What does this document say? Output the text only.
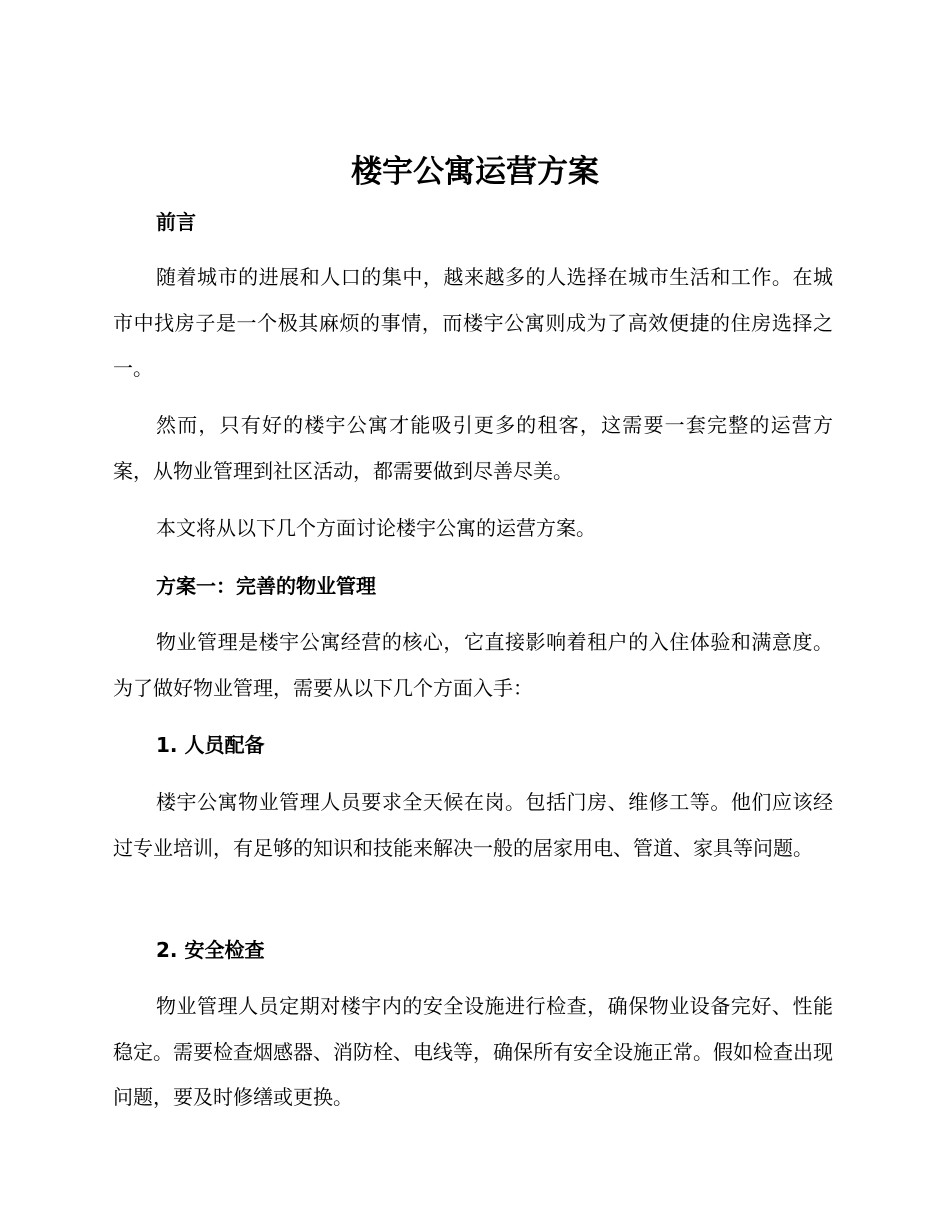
楼宇公寓运营方案
前言
随着城市的进展和人口的集中，越来越多的人选择在城市生活和工作。在城市中找房子是一个极其麻烦的事情，而楼宇公寓则成为了高效便捷的住房选择之一。
然而，只有好的楼宇公寓才能吸引更多的租客，这需要一套完整的运营方案，从物业管理到社区活动，都需要做到尽善尽美。
本文将从以下几个方面讨论楼宇公寓的运营方案。
方案一：完善的物业管理
物业管理是楼宇公寓经营的核心，它直接影响着租户的入住体验和满意度。为了做好物业管理，需要从以下几个方面入手：
1. 人员配备
楼宇公寓物业管理人员要求全天候在岗。包括门房、维修工等。他们应该经过专业培训，有足够的知识和技能来解决一般的居家用电、管道、家具等问题。
2. 安全检查
物业管理人员定期对楼宇内的安全设施进行检查，确保物业设备完好、性能稳定。需要检查烟感器、消防栓、电线等，确保所有安全设施正常。假如检查出现问题，要及时修缮或更换。
